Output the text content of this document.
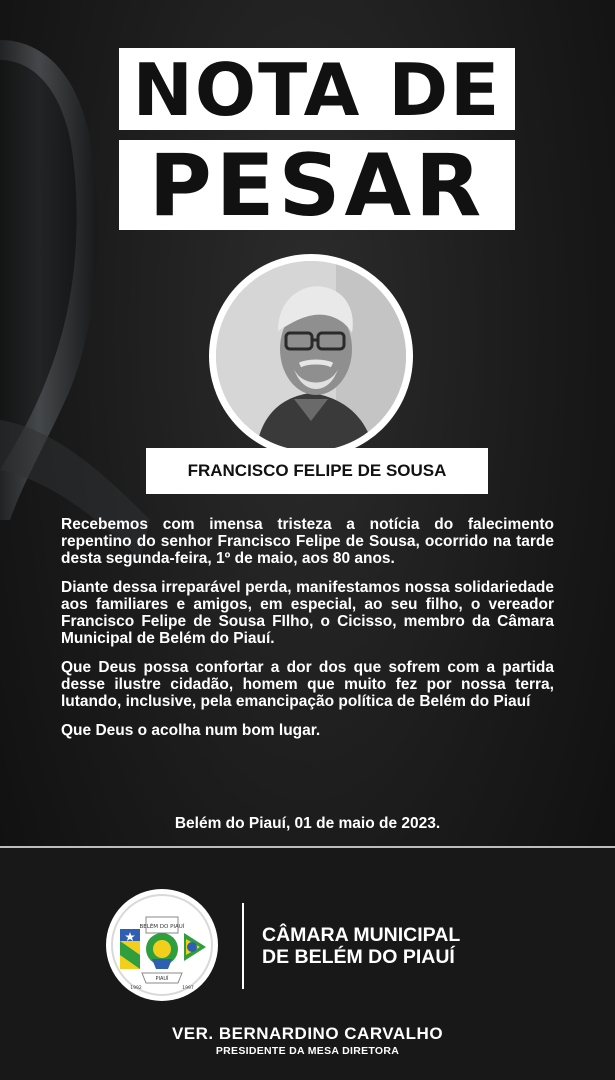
NOTA DE
PESAR
FRANCISCO FELIPE DE SOUSA

Recebemos com imensa tristeza a notícia do falecimento repentino do senhor Francisco Felipe de Sousa, ocorrido na tarde desta segunda-feira, 1º de maio, aos 80 anos.

Diante dessa irreparável perda, manifestamos nossa solidariedade aos familiares e amigos, em especial, ao seu filho, o vereador Francisco Felipe de Sousa FIlho, o Cicisso, membro da Câmara Municipal de Belém do Piauí.

Que Deus possa confortar a dor dos que sofrem com a partida desse ilustre cidadão, homem que muito fez por nossa terra, lutando, inclusive, pela emancipação política de Belém do Piauí

Que Deus o acolha num bom lugar.

Belém do Piauí, 01 de maio de 2023.
BELÉM DO PIAUÍ
PIAUÍ
1992	1997
CÂMARA MUNICIPAL
DE BELÉM DO PIAUÍ
VER. BERNARDINO CARVALHO
PRESIDENTE DA MESA DIRETORA
